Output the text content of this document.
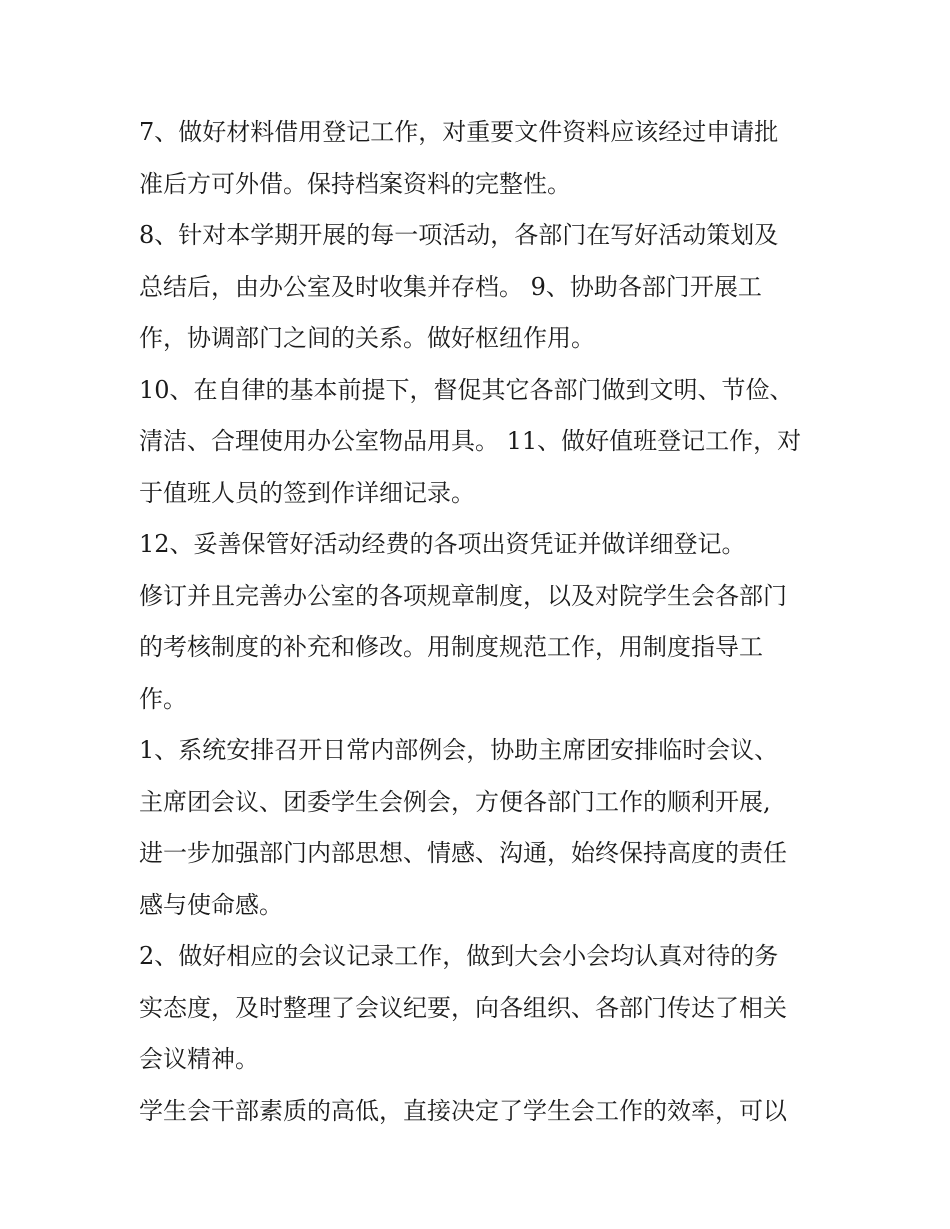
7、做好材料借用登记工作，对重要文件资料应该经过申请批
准后方可外借。保持档案资料的完整性。

8、针对本学期开展的每一项活动，各部门在写好活动策划及
总结后，由办公室及时收集并存档。 9、协助各部门开展工
作，协调部门之间的关系。做好枢纽作用。

10、在自律的基本前提下，督促其它各部门做到文明、节俭、
清洁、合理使用办公室物品用具。 11、做好值班登记工作，对
于值班人员的签到作详细记录。

12、妥善保管好活动经费的各项出资凭证并做详细登记。

修订并且完善办公室的各项规章制度，以及对院学生会各部门
的考核制度的补充和修改。用制度规范工作，用制度指导工
作。

1、系统安排召开日常内部例会，协助主席团安排临时会议、
主席团会议、团委学生会例会，方便各部门工作的顺利开展,
进一步加强部门内部思想、情感、沟通，始终保持高度的责任
感与使命感。

2、做好相应的会议记录工作，做到大会小会均认真对待的务
实态度，及时整理了会议纪要，向各组织、各部门传达了相关
会议精神。

学生会干部素质的高低，直接决定了学生会工作的效率，可以
